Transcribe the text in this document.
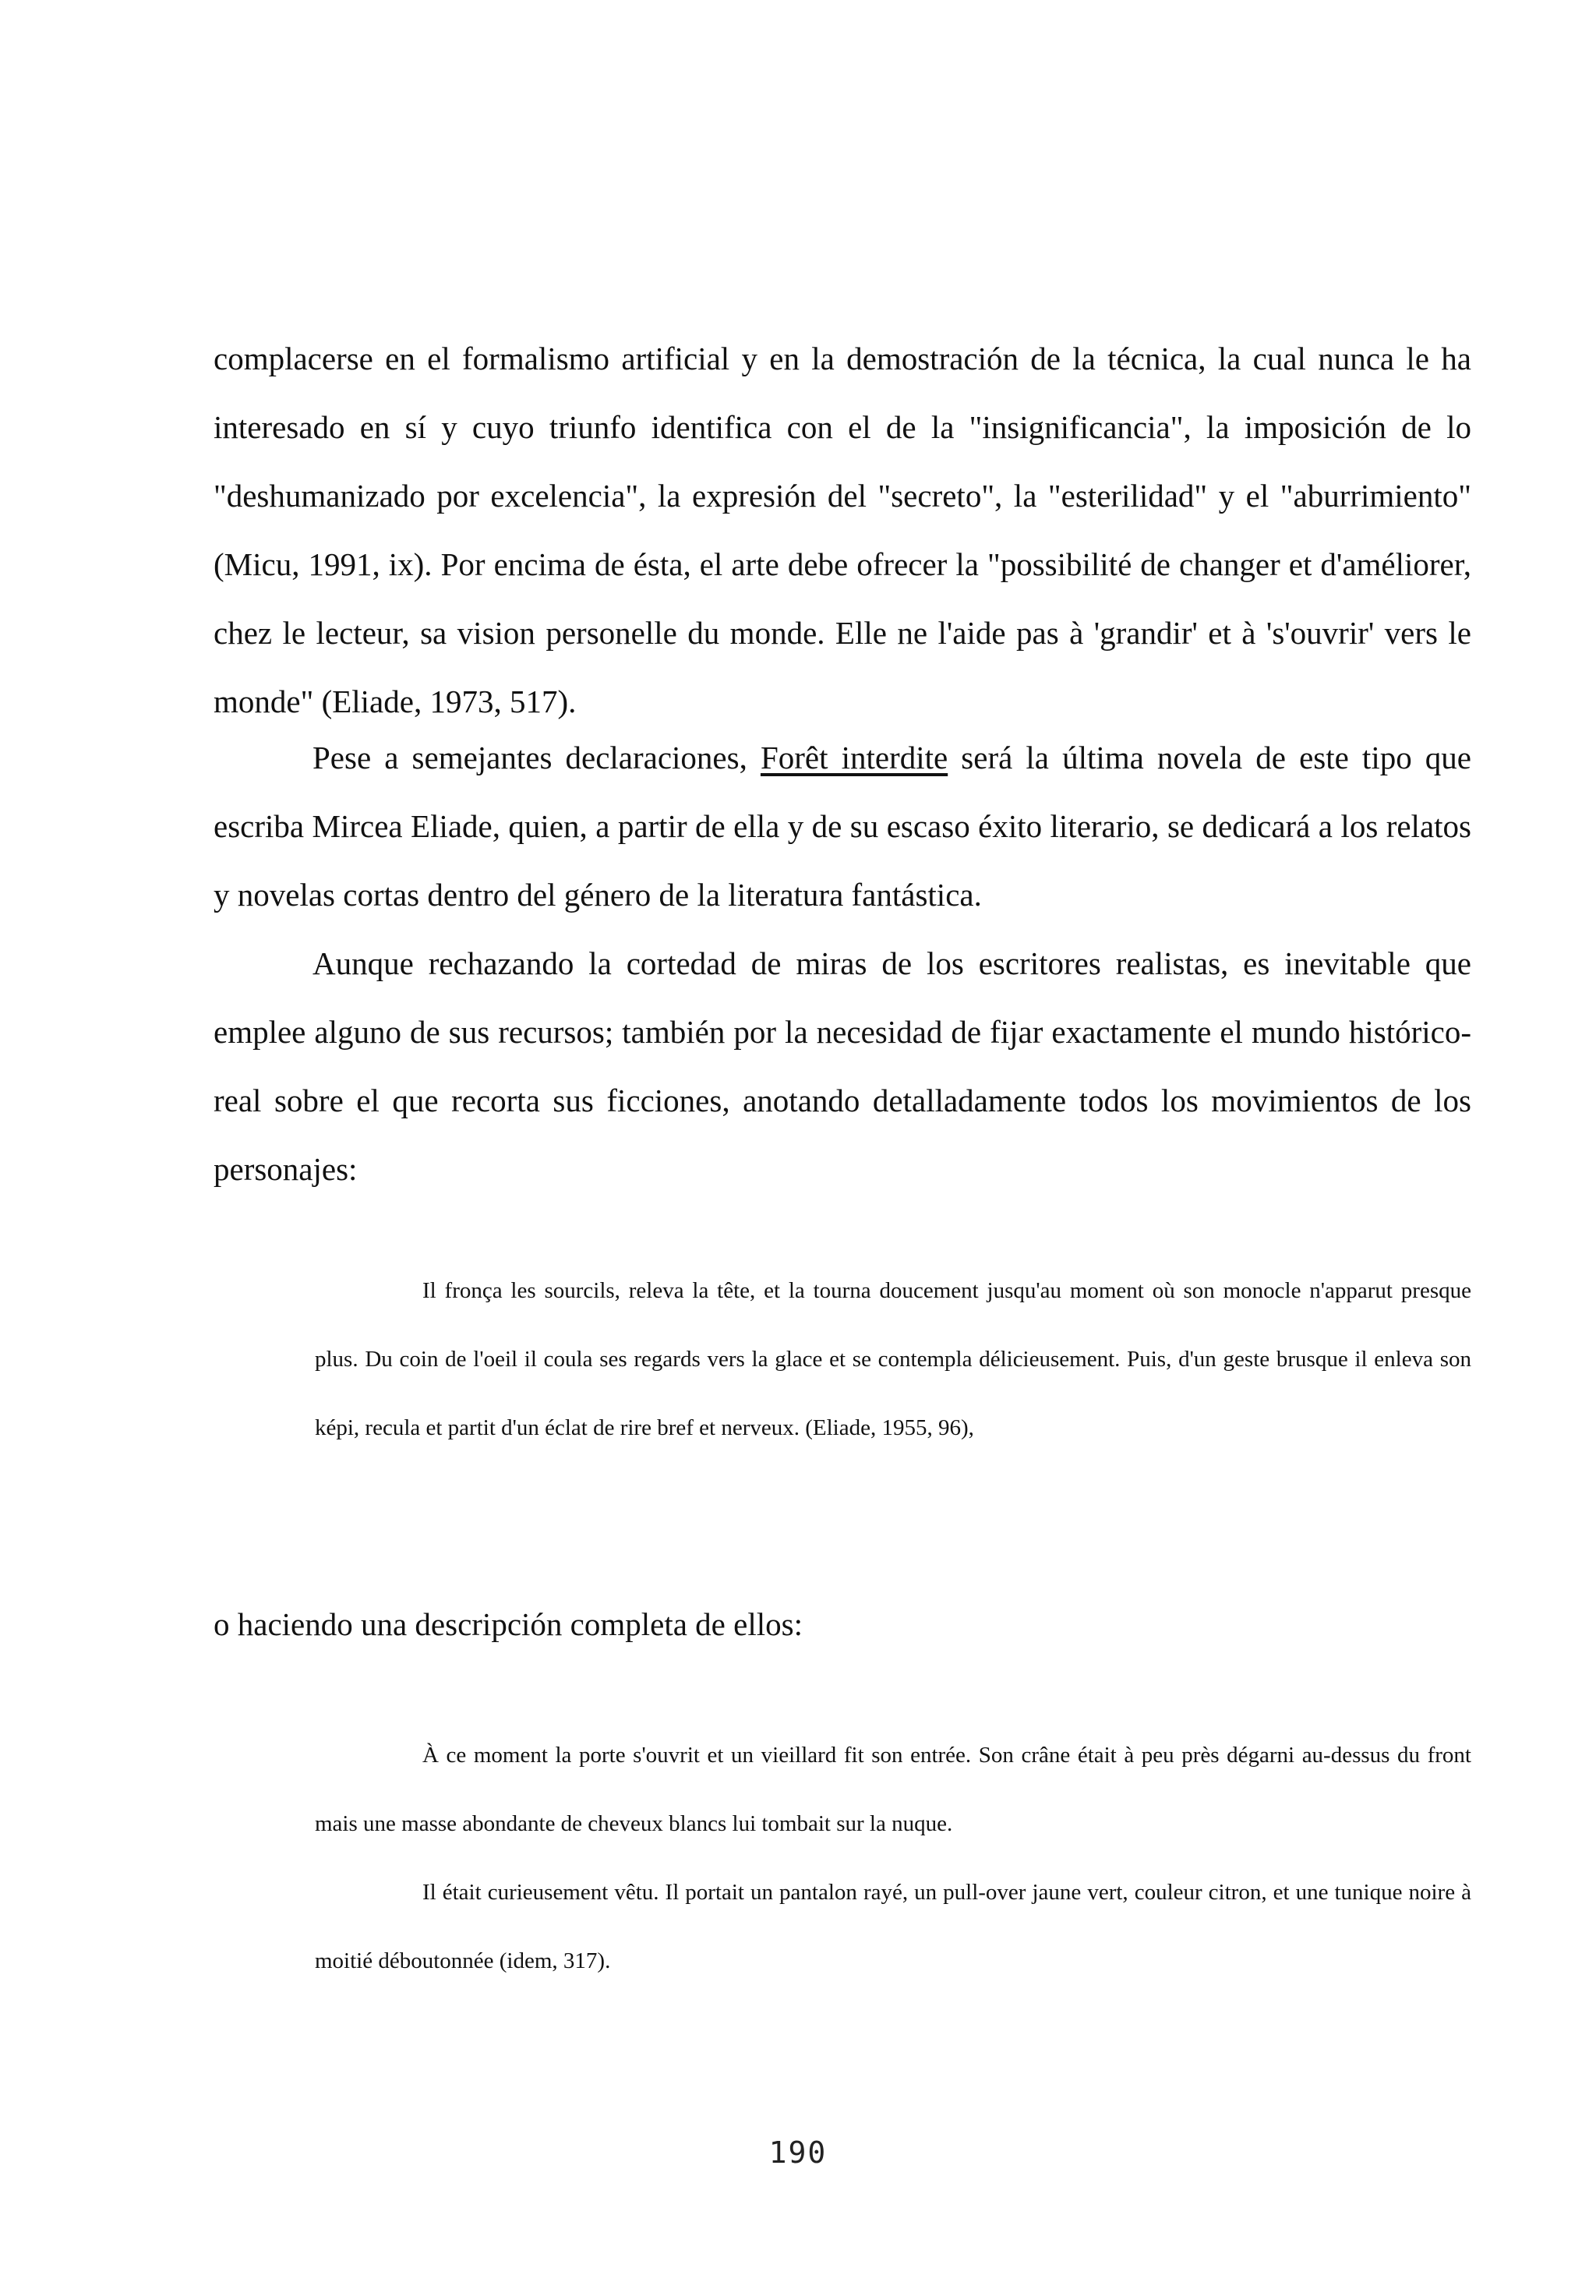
complacerse en el formalismo artificial y en la demostración de la técnica, la cual nunca le ha interesado en sí y cuyo triunfo identifica con el de la "insignificancia", la imposición de lo "deshumanizado por excelencia", la expresión del "secreto", la "esterilidad" y el "aburrimiento" (Micu, 1991, ix). Por encima de ésta, el arte debe ofrecer la "possibilité de changer et d'améliorer, chez le lecteur, sa vision personelle du monde. Elle ne l'aide pas à 'grandir' et à 's'ouvrir' vers le monde" (Eliade, 1973, 517).

Pese a semejantes declaraciones, Forêt interdite será la última novela de este tipo que escriba Mircea Eliade, quien, a partir de ella y de su escaso éxito literario, se dedicará a los relatos y novelas cortas dentro del género de la literatura fantástica.

Aunque rechazando la cortedad de miras de los escritores realistas, es inevitable que emplee alguno de sus recursos; también por la necesidad de fijar exactamente el mundo histórico-real sobre el que recorta sus ficciones, anotando detalladamente todos los movimientos de los personajes:

Il fronça les sourcils, releva la tête, et la tourna doucement jusqu'au moment où son monocle n'apparut presque plus. Du coin de l'oeil il coula ses regards vers la glace et se contempla délicieusement. Puis, d'un geste brusque il enleva son képi, recula et partit d'un éclat de rire bref et nerveux. (Eliade, 1955, 96),

o haciendo una descripción completa de ellos:

À ce moment la porte s'ouvrit et un vieillard fit son entrée. Son crâne était à peu près dégarni au-dessus du front mais une masse abondante de cheveux blancs lui tombait sur la nuque.
Il était curieusement vêtu. Il portait un pantalon rayé, un pull-over jaune vert, couleur citron, et une tunique noire à moitié déboutonnée (idem, 317).
190
